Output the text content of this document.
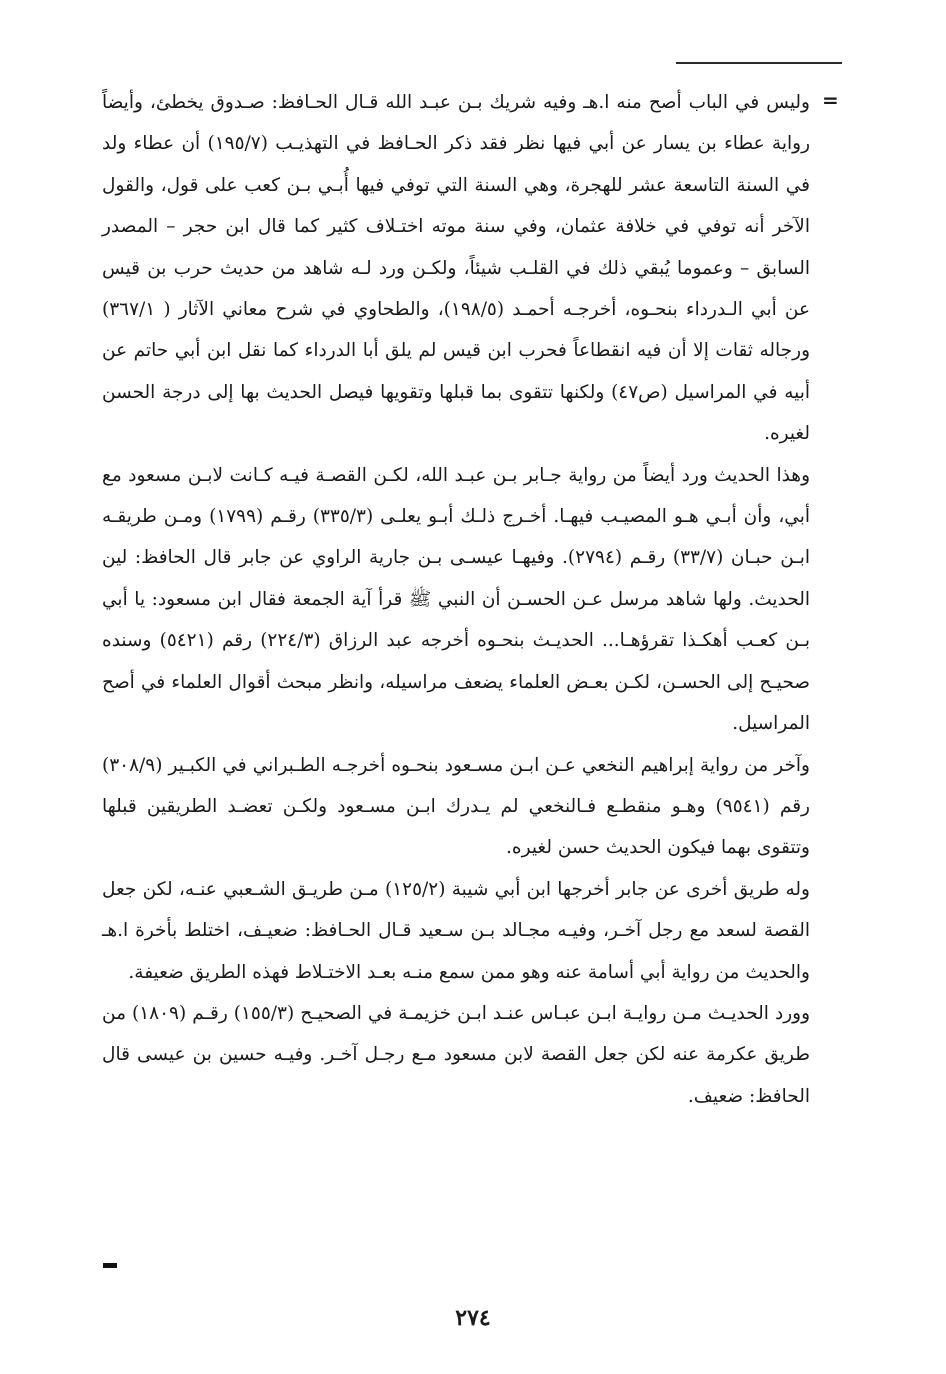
=

وليس في الباب أصح منه ا.هـ وفيه شريك بـن عبـد الله قـال الحـافظ: صـدوق يخطئ، وأيضاً رواية عطاء بن يسار عن أبي فيها نظر فقد ذكر الحـافظ في التهذيـب (١٩٥/٧) أن عطاء ولد في السنة التاسعة عشر للهجرة، وهي السنة التي توفي فيها أُبـي بـن كعب على قول، والقول الآخر أنه توفي في خلافة عثمان، وفي سنة موته اختـلاف كثير كما قال ابن حجر – المصدر السابق – وعموما يُبقي ذلك في القلـب شيئاً، ولكـن ورد لـه شاهد من حديث حرب بن قيس عن أبي الـدرداء بنحـوه، أخرجـه أحمـد (١٩٨/٥)، والطحاوي في شرح معاني الآثار ( ٣٦٧/١) ورجاله ثقات إلا أن فيه انقطاعاً فحرب ابن قيس لم يلق أبا الدرداء كما نقل ابن أبي حاتم عن أبيه في المراسيل (ص٤٧) ولكنها تتقوى بما قبلها وتقويها فيصل الحديث بها إلى درجة الحسن لغيره.

وهذا الحديث ورد أيضاً من رواية جـابر بـن عبـد الله، لكـن القصـة فيـه كـانت لابـن مسعود مع أبي، وأن أبـي هـو المصيـب فيهـا. أخـرج ذلـك أبـو يعلـى (٣٣٥/٣) رقـم (١٧٩٩) ومـن طريقـه ابـن حبـان (٣٣/٧) رقـم (٢٧٩٤). وفيهـا عيسـى بـن جارية الراوي عن جابر قال الحافظ: لين الحديث. ولها شاهد مرسل عـن الحسـن أن النبي ﷺ قرأ آية الجمعة فقال ابن مسعود: يا أبي بـن كعـب أهكـذا تقرؤهـا... الحديـث بنحـوه أخرجه عبد الرزاق (٢٢٤/٣) رقم (٥٤٢١) وسنده صحيـح إلى الحسـن، لكـن بعـض العلماء يضعف مراسيله، وانظر مبحث أقوال العلماء في أصح المراسيل.

وآخر من رواية إبراهيم النخعي عـن ابـن مسـعود بنحـوه أخرجـه الطـبراني في الكبـير (٣٠٨/٩) رقم (٩٥٤١) وهـو منقطـع فـالنخعي لم يـدرك ابـن مسـعود ولكـن تعضـد الطريقين قبلها وتتقوى بهما فيكون الحديث حسن لغيره.

وله طريق أخرى عن جابر أخرجها ابن أبي شيبة (١٢٥/٢) مـن طريـق الشـعبي عنـه، لكن جعل القصة لسعد مع رجل آخـر، وفيـه مجـالد بـن سـعيد قـال الحـافظ: ضعيـف، اختلط بأخرة ا.هـ والحديث من رواية أبي أسامة عنه وهو ممن سمع منـه بعـد الاختـلاط فهذه الطريق ضعيفة.

وورد الحديـث مـن روايـة ابـن عبـاس عنـد ابـن خزيمـة في الصحيـح (١٥٥/٣) رقـم (١٨٠٩) من طريق عكرمة عنه لكن جعل القصة لابن مسعود مـع رجـل آخـر. وفيـه حسين بن عيسى قال الحافظ: ضعيف.

٢٧٤
